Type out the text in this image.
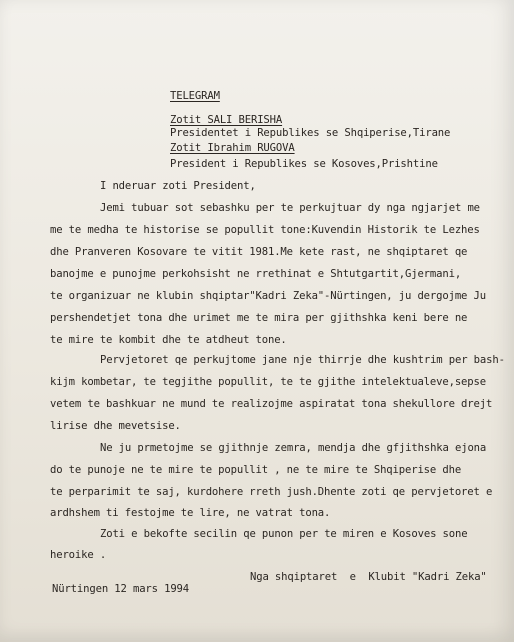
TELEGRAM
Zotit SALI BERISHA
Presidentet i Republikes se Shqiperise,Tirane
Zotit Ibrahim RUGOVA
President i Republikes se Kosoves,Prishtine
I nderuar zoti President,
Jemi tubuar sot sebashku per te perkujtuar dy nga ngjarjet me
me te medha te historise se popullit tone:Kuvendin Historik te Lezhes
dhe Pranveren Kosovare te vitit 1981.Me kete rast, ne shqiptaret qe
banojme e punojme perkohsisht ne rrethinat e Shtutgartit,Gjermani,
te organizuar ne klubin shqiptar"Kadri Zeka"-Nürtingen, ju dergojme Ju
pershendetjet tona dhe urimet me te mira per gjithshka keni bere ne
te mire te kombit dhe te atdheut tone.
Pervjetoret qe perkujtome jane nje thirrje dhe kushtrim per bash-
kijm kombetar, te tegjithe popullit, te te gjithe intelektualeve,sepse
vetem te bashkuar ne mund te realizojme aspiratat tona shekullore drejt
lirise dhe mevetsise.
Ne ju prmetojme se gjithnje zemra, mendja dhe gfjithshka ejona
do te punoje ne te mire te popullit , ne te mire te Shqiperise dhe
te perparimit te saj, kurdohere rreth jush.Dhente zoti qe pervjetoret e
ardhshem ti festojme te lire, ne vatrat tona.
Zoti e bekofte secilin qe punon per te miren e Kosoves sone
heroike .
Nga shqiptaret  e  Klubit "Kadri Zeka"
Nürtingen 12 mars 1994
